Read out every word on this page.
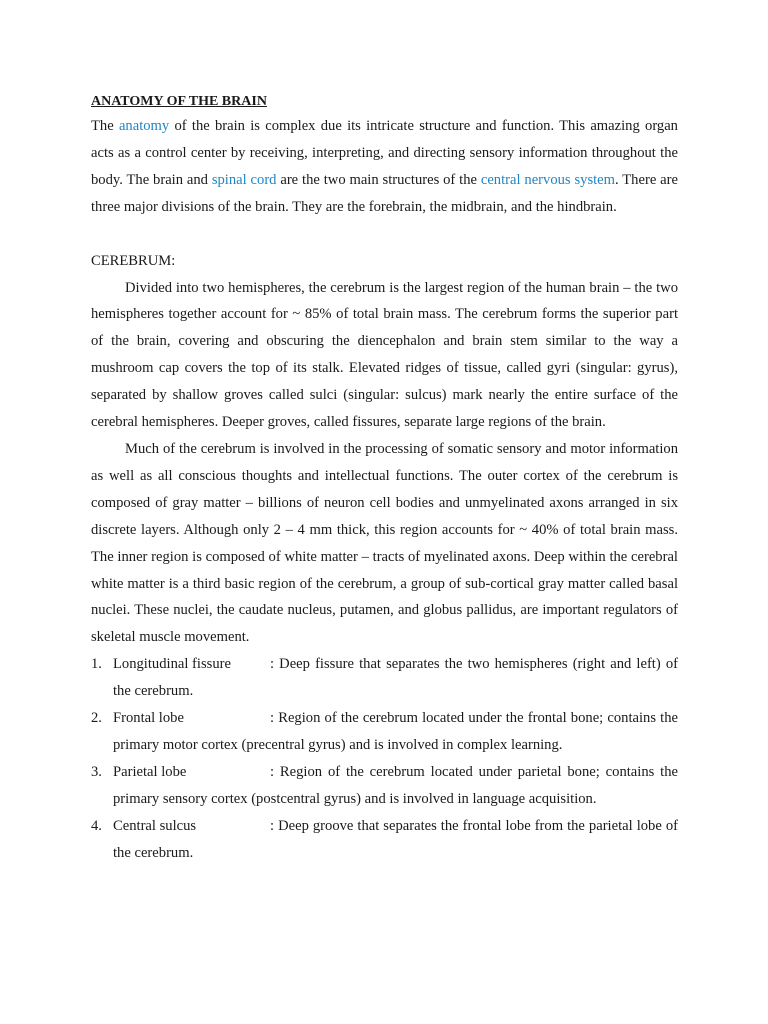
ANATOMY OF THE BRAIN

The anatomy of the brain is complex due its intricate structure and function. This amazing organ acts as a control center by receiving, interpreting, and directing sensory information throughout the body. The brain and spinal cord are the two main structures of the central nervous system. There are three major divisions of the brain. They are the forebrain, the midbrain, and the hindbrain.

CEREBRUM:

Divided into two hemispheres, the cerebrum is the largest region of the human brain – the two hemispheres together account for ~ 85% of total brain mass. The cerebrum forms the superior part of the brain, covering and obscuring the diencephalon and brain stem similar to the way a mushroom cap covers the top of its stalk. Elevated ridges of tissue, called gyri (singular: gyrus), separated by shallow groves called sulci (singular: sulcus) mark nearly the entire surface of the cerebral hemispheres. Deeper groves, called fissures, separate large regions of the brain.

Much of the cerebrum is involved in the processing of somatic sensory and motor information as well as all conscious thoughts and intellectual functions. The outer cortex of the cerebrum is composed of gray matter – billions of neuron cell bodies and unmyelinated axons arranged in six discrete layers. Although only 2 – 4 mm thick, this region accounts for ~ 40% of total brain mass. The inner region is composed of white matter – tracts of myelinated axons. Deep within the cerebral white matter is a third basic region of the cerebrum, a group of sub-cortical gray matter called basal nuclei. These nuclei, the caudate nucleus, putamen, and globus pallidus, are important regulators of skeletal muscle movement.

1. Longitudinal fissure	: Deep fissure that separates the two hemispheres (right and left) of the cerebrum.
2. Frontal lobe	: Region of the cerebrum located under the frontal bone; contains the primary motor cortex (precentral gyrus) and is involved in complex learning.
3. Parietal lobe	: Region of the cerebrum located under parietal bone; contains the primary sensory cortex (postcentral gyrus) and is involved in language acquisition.
4. Central sulcus	: Deep groove that separates the frontal lobe from the parietal lobe of the cerebrum.
